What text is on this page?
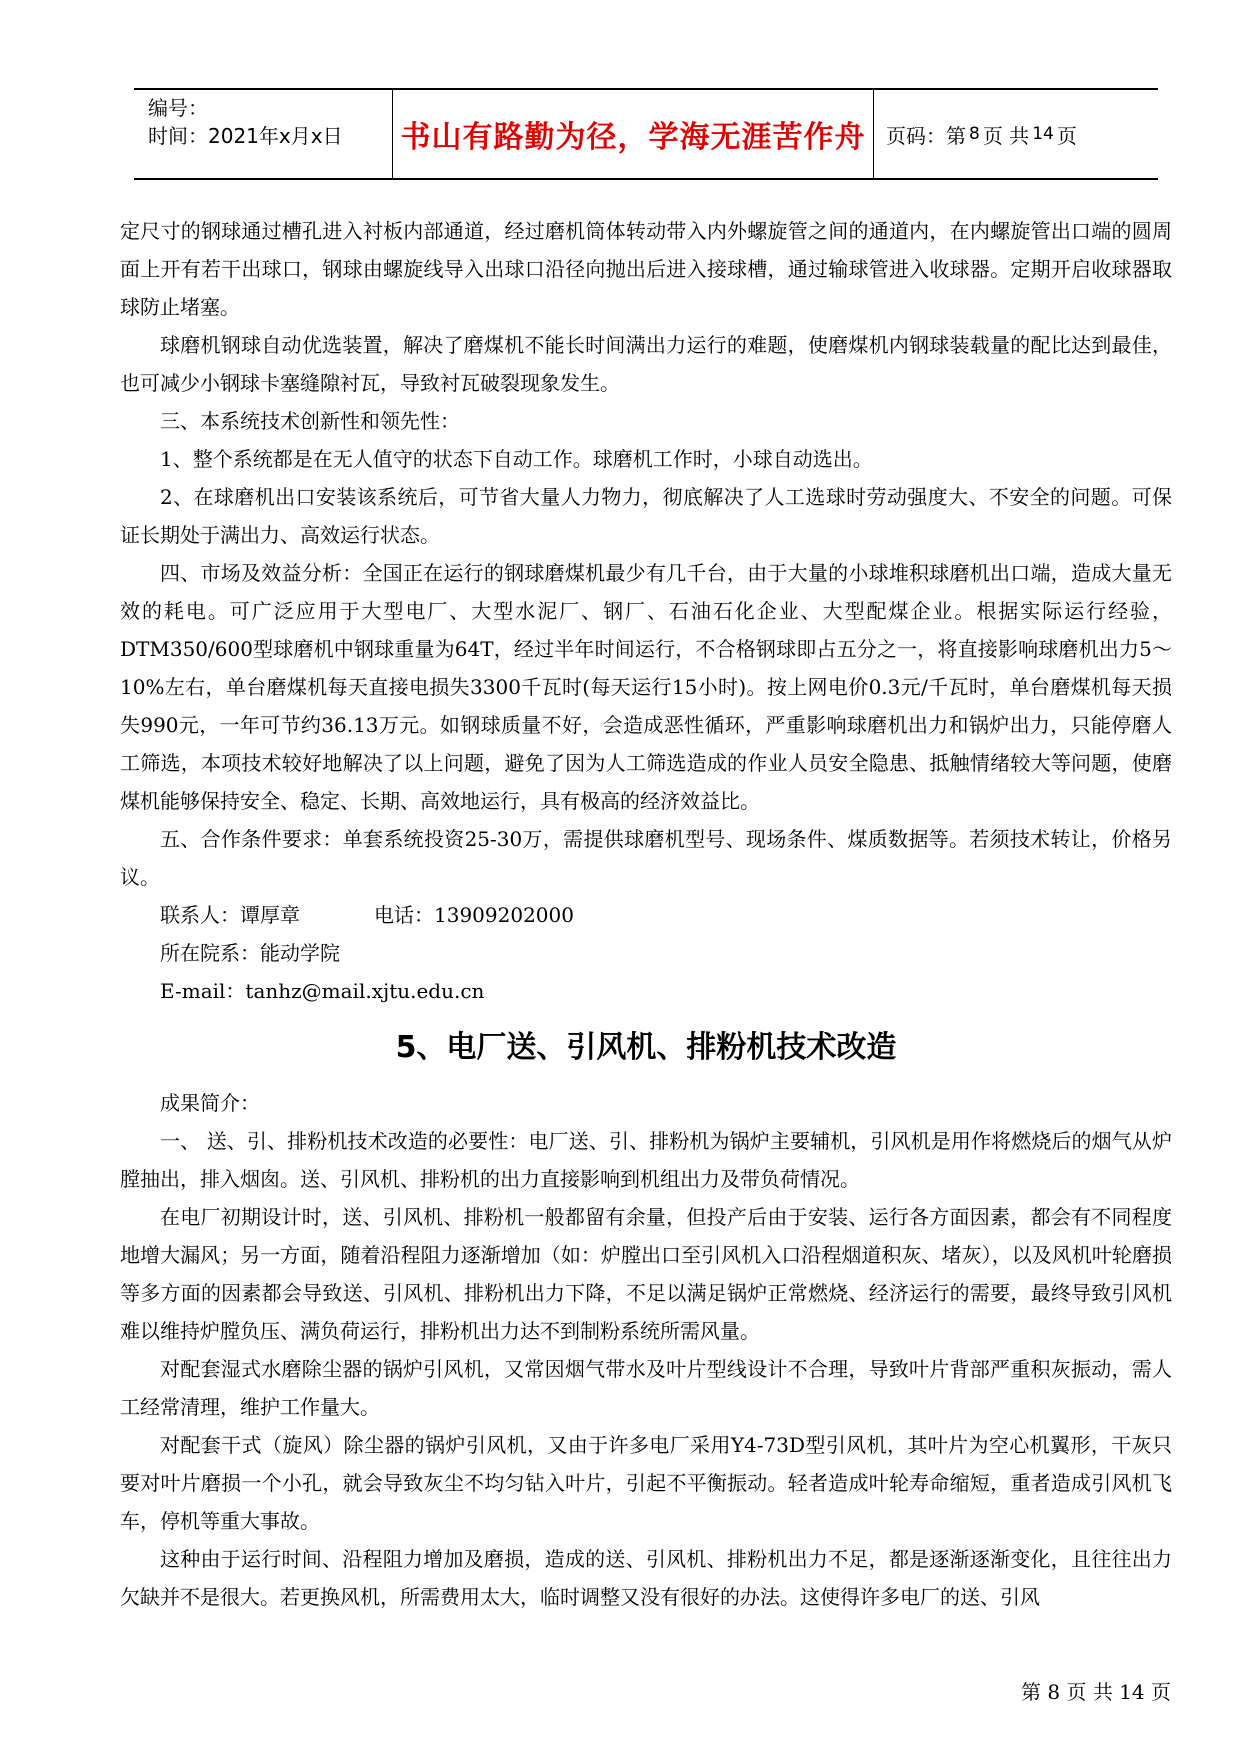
编号：
时间：2021年x月x日	书山有路勤为径，学海无涯苦作舟	页码：第 8 页 共 14 页

定尺寸的钢球通过槽孔进入衬板内部通道，经过磨机筒体转动带入内外螺旋管之间的通道内，在内螺旋管出口端的圆周面上开有若干出球口，钢球由螺旋线导入出球口沿径向抛出后进入接球槽，通过输球管进入收球器。定期开启收球器取球防止堵塞。

球磨机钢球自动优选装置，解决了磨煤机不能长时间满出力运行的难题，使磨煤机内钢球装载量的配比达到最佳，也可减少小钢球卡塞缝隙衬瓦，导致衬瓦破裂现象发生。

三、本系统技术创新性和领先性：

1、整个系统都是在无人值守的状态下自动工作。球磨机工作时，小球自动选出。

2、在球磨机出口安装该系统后，可节省大量人力物力，彻底解决了人工选球时劳动强度大、不安全的问题。可保证长期处于满出力、高效运行状态。

四、市场及效益分析：全国正在运行的钢球磨煤机最少有几千台，由于大量的小球堆积球磨机出口端，造成大量无效的耗电。可广泛应用于大型电厂、大型水泥厂、钢厂、石油石化企业、大型配煤企业。根据实际运行经验， DTM350/600型球磨机中钢球重量为64T，经过半年时间运行，不合格钢球即占五分之一，将直接影响球磨机出力5～10%左右，单台磨煤机每天直接电损失3300千瓦时(每天运行15小时)。按上网电价0.3元/千瓦时，单台磨煤机每天损失990元，一年可节约36.13万元。如钢球质量不好，会造成恶性循环，严重影响球磨机出力和锅炉出力，只能停磨人工筛选，本项技术较好地解决了以上问题，避免了因为人工筛选造成的作业人员安全隐患、抵触情绪较大等问题，使磨煤机能够保持安全、稳定、长期、高效地运行，具有极高的经济效益比。

五、合作条件要求：单套系统投资25-30万，需提供球磨机型号、现场条件、煤质数据等。若须技术转让，价格另议。

联系人：谭厚章	电话：13909202000

所在院系：能动学院

E-mail：tanhz@mail.xjtu.edu.cn

5、电厂送、引风机、排粉机技术改造

成果简介：

一、 送、引、排粉机技术改造的必要性：电厂送、引、排粉机为锅炉主要辅机，引风机是用作将燃烧后的烟气从炉膛抽出，排入烟囱。送、引风机、排粉机的出力直接影响到机组出力及带负荷情况。

在电厂初期设计时，送、引风机、排粉机一般都留有余量，但投产后由于安装、运行各方面因素，都会有不同程度地增大漏风；另一方面，随着沿程阻力逐渐增加（如：炉膛出口至引风机入口沿程烟道积灰、堵灰），以及风机叶轮磨损等多方面的因素都会导致送、引风机、排粉机出力下降，不足以满足锅炉正常燃烧、经济运行的需要，最终导致引风机难以维持炉膛负压、满负荷运行，排粉机出力达不到制粉系统所需风量。

对配套湿式水磨除尘器的锅炉引风机，又常因烟气带水及叶片型线设计不合理，导致叶片背部严重积灰振动，需人工经常清理，维护工作量大。

对配套干式（旋风）除尘器的锅炉引风机，又由于许多电厂采用Y4-73D型引风机，其叶片为空心机翼形，干灰只要对叶片磨损一个小孔，就会导致灰尘不均匀钻入叶片，引起不平衡振动。轻者造成叶轮寿命缩短，重者造成引风机飞车，停机等重大事故。

这种由于运行时间、沿程阻力增加及磨损，造成的送、引风机、排粉机出力不足，都是逐渐逐渐变化，且往往出力欠缺并不是很大。若更换风机，所需费用太大，临时调整又没有很好的办法。这使得许多电厂的送、引风

第 8 页 共 14 页
